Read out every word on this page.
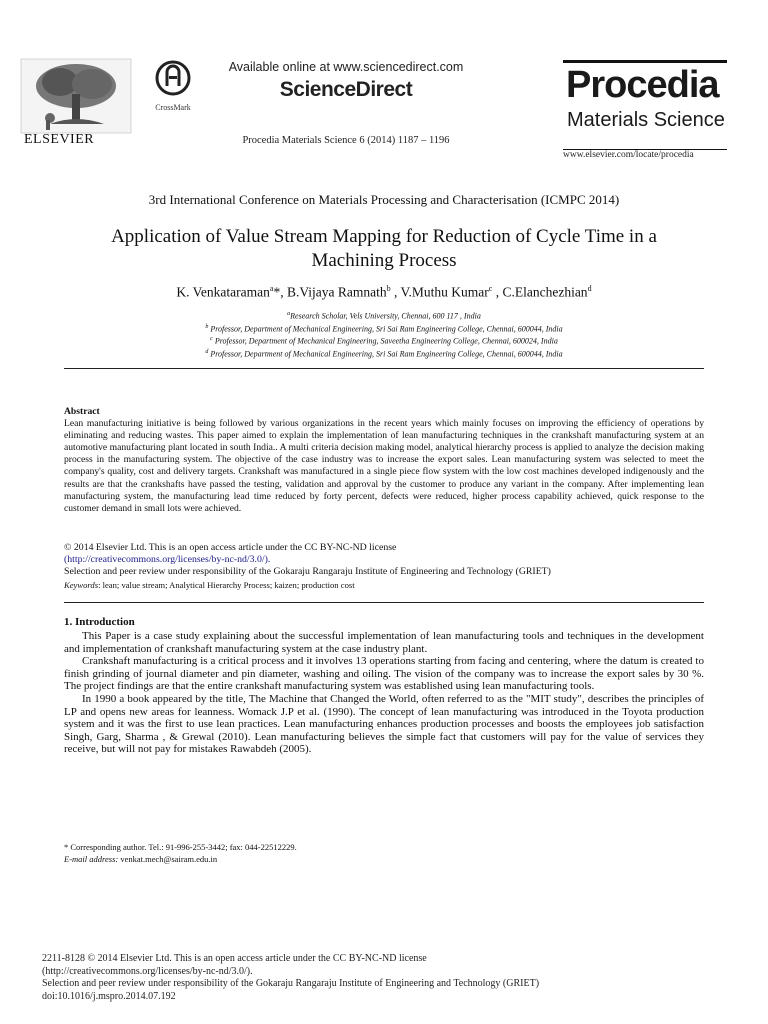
ELSEVIER
CrossMark
Available online at www.sciencedirect.com
ScienceDirect
Procedia Materials Science 6 (2014) 1187 – 1196
Procedia
Materials Science
www.elsevier.com/locate/procedia
3rd International Conference on Materials Processing and Characterisation (ICMPC 2014)
Application of Value Stream Mapping for Reduction of Cycle Time in a
Machining Process
K. Venkataraman$^a$*, B.Vijaya Ramnath$^b$ , V.Muthu Kumar$^c$ , C.Elanchezhian$^d$
$^a$Research Scholar, Vels University, Chennai, 600 117 , India
$^b$ Professor, Department of Mechanical Engineering, Sri Sai Ram Engineering College, Chennai, 600044, India
$^c$ Professor, Department of Mechanical Engineering, Saveetha Engineering College, Chennai, 600024, India
$^d$ Professor, Department of Mechanical Engineering, Sri Sai Ram Engineering College, Chennai, 600044, India
Abstract
Lean manufacturing initiative is being followed by various organizations in the recent years which mainly focuses on improving the efficiency of operations by eliminating and reducing wastes. This paper aimed to explain the implementation of lean manufacturing techniques in the crankshaft manufacturing system at an automotive manufacturing plant located in south India.. A multi criteria decision making model, analytical hierarchy process is applied to analyze the decision making process in the manufacturing system. The objective of the case industry was to increase the export sales. Lean manufacturing system was selected to meet the company's quality, cost and delivery targets. Crankshaft was manufactured in a single piece flow system with the low cost machines developed indigenously and the results are that the crankshafts have passed the testing, validation and approval by the customer to produce any variant in the company. After implementing lean manufacturing system, the manufacturing lead time reduced by forty percent, defects were reduced, higher process capability achieved, quick response to the customer demand in small lots were achieved.
© 2014 Elsevier Ltd. This is an open access article under the CC BY-NC-ND license
(http://creativecommons.org/licenses/by-nc-nd/3.0/).
Selection and peer review under responsibility of the Gokaraju Rangaraju Institute of Engineering and Technology (GRIET)
Keywords: lean; value stream; Analytical Hierarchy Process; kaizen; production cost
1. Introduction

This Paper is a case study explaining about the successful implementation of lean manufacturing tools and techniques in the development and implementation of crankshaft manufacturing system at the case industry plant.

Crankshaft manufacturing is a critical process and it involves 13 operations starting from facing and centering, where the datum is created to finish grinding of journal diameter and pin diameter, washing and oiling. The vision of the company was to increase the export sales by 30 %. The project findings are that the entire crankshaft manufacturing system was established using lean manufacturing tools.

In 1990 a book appeared by the title, The Machine that Changed the World, often referred to as the "MIT study", describes the principles of LP and opens new areas for leanness. Womack J.P et al. (1990). The concept of lean manufacturing was introduced in the Toyota production system and it was the first to use lean practices. Lean manufacturing enhances production processes and boosts the employees job satisfaction Singh, Garg, Sharma , & Grewal (2010). Lean manufacturing believes the simple fact that customers will pay for the value of services they receive, but will not pay for mistakes Rawabdeh (2005).

* Corresponding author. Tel.: 91-996-255-3442; fax: 044-22512229.
E-mail address: venkat.mech@sairam.edu.in
2211-8128 © 2014 Elsevier Ltd. This is an open access article under the CC BY-NC-ND license
(http://creativecommons.org/licenses/by-nc-nd/3.0/).
Selection and peer review under responsibility of the Gokaraju Rangaraju Institute of Engineering and Technology (GRIET)
doi:10.1016/j.mspro.2014.07.192
